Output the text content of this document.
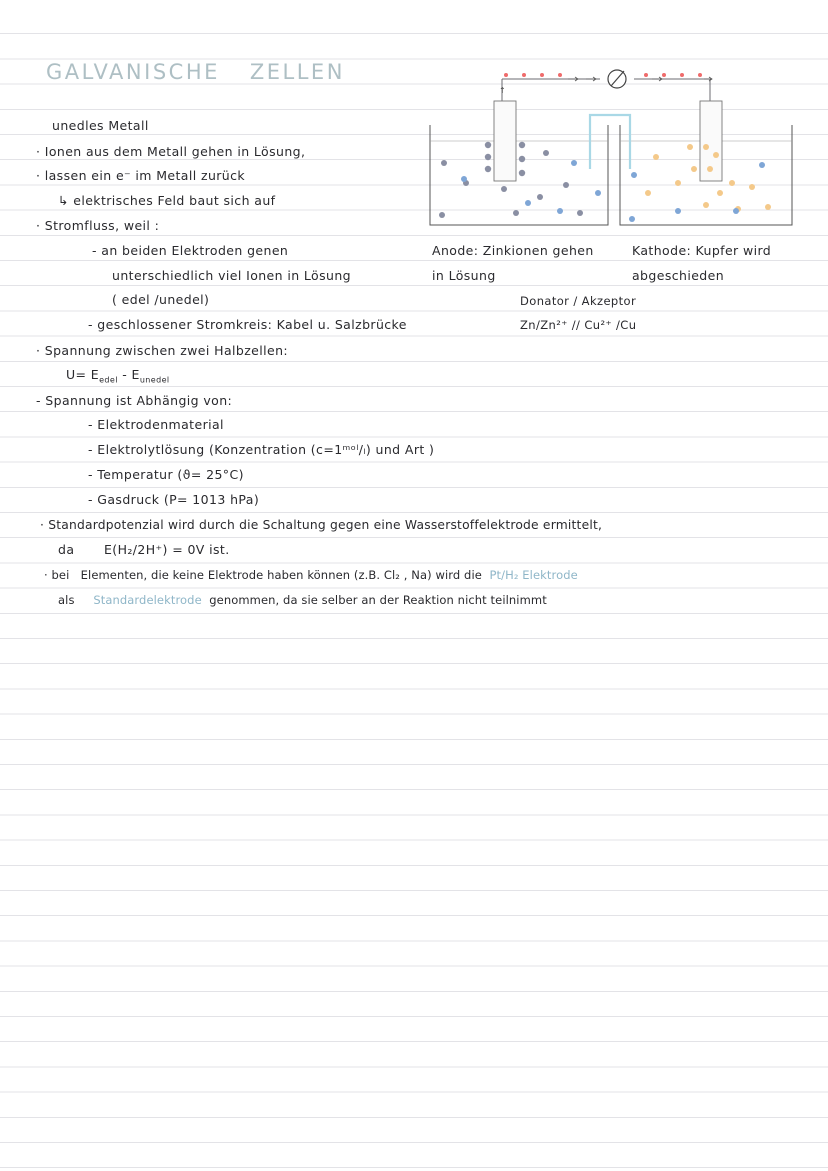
GALVANISCHE ZELLEN
unedles Metall
· Ionen aus dem Metall gehen in Lösung,
· lassen ein e⁻ im Metall zurück
↳ elektrisches Feld baut sich auf
· Stromfluss, weil :
- an beiden Elektroden genen
unterschiedlich viel Ionen in Lösung
( edel /unedel)
- geschlossener Stromkreis: Kabel u. Salzbrücke
· Spannung zwischen zwei Halbzellen:
$U= E_{edel} - E_{unedel}$
- Spannung ist Abhängig von:
- Elektrodenmaterial
- Elektrolytlösung (Konzentration (c=1ᵐᵒˡ/ₗ) und Art )
- Temperatur (ϑ= 25°C)
- Gasdruck (P= 1013 hPa)
· Standardpotenzial wird durch die Schaltung gegen eine Wasserstoffelektrode ermittelt,
da E(H₂/2H⁺) = 0V ist.
· bei Elementen, die keine Elektrode haben können (z.B. Cl₂ , Na) wird die Pt/H₂ Elektrode
als Standardelektrode genommen, da sie selber an der Reaktion nicht teilnimmt
Anode: Zinkionen gehen
in Lösung
Kathode: Kupfer wird
abgeschieden
Donator / Akzeptor
Zn/Zn²⁺ // Cu²⁺ /Cu
↑
